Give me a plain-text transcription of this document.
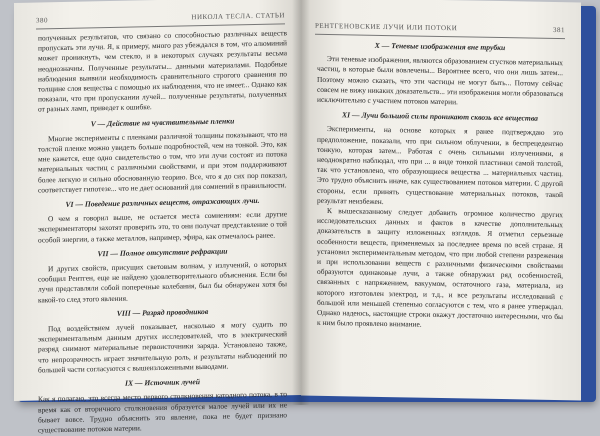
380	НИКОЛА ТЕСЛА. СТАТЬИ

полученных результатов, что связано со способностью различных веществ пропускать эти лучи. Я, к примеру, много раз убеждался в том, что алюминий может проникнуть, чем стекло, и в некоторых случаях результаты весьма неоднозначны. Полученные результаты... данными материалами. Подобные наблюдения выявили необходимость сравнительного строгого сравнения по толщине слоя вещества с помощью их наблюдения, что не имеет... Однако как показали, что при пропускании лучей... полученные результаты, полученных от разных ламп, приведет к ошибке.

V — Действие на чувствительные пленки

Многие эксперименты с пленками различной толщины показывают, что на толстой пленке можно увидеть больше подробностей, чем на тонкой. Это, как мне кажется, еще одно свидетельство о том, что эти лучи состоят из потока материальных частиц с различными свойствами, и при этом поддерживают более легкую и сильно обоснованную теорию. Все, что я до сих пор показал, соответствует гипотезе... что не дает оснований для сомнений в правильности.

VI — Поведение различных веществ, отражающих лучи.

О чем я говорил выше, не остается места сомнениям: если другие экспериментаторы захотят проверить это, то они получат представление о той особой энергии, а также металлов, например, эфира, как отмечалось ранее.

VII — Полное отсутствие рефракции

И других свойств, присущих световым волнам, у излучений, о которых сообщил Рентген, еще не найдено удовлетворительного объяснения. Если бы лучи представляли собой поперечные колебания, был бы обнаружен хотя бы какой-то след этого явления.

VIII — Разряд проводников

Под воздействием лучей показывает, насколько я могу судить по экспериментальным данным других исследователей, что в электрический разряд снимают материальные первоисточники заряда. Установлено также, что непрозрачность играет значительную роль, и результаты наблюдений по большей части согласуются с вышеизложенными выводами.

IX — Источник лучей

Как я полагаю, это всегда место первого столкновения катодного потока, в то время как от вторичного столкновения образуется малое лучей или их не бывает вовсе. Трудно объяснить это явление, пока не будет признано существование потоков материи.

РЕНТГЕНОВСКИЕ ЛУЧИ ИЛИ ПОТОКИ	381
X — Теневые изображения вне трубки

Эти теневые изображения, являются образованием сгустков материальных частиц, в которые были вовлечены... Вероятнее всего, что они лишь затем... Поэтому можно сказать, что эти частицы не могут быть... Потому сейчас совсем не вижу никаких доказательств... эти изображения могли образоваться исключительно с участием потоков материи.

XI — Лучи большой силы проникают сквозь все вещества

Эксперименты, на основе которых я ранее подтверждаю это предположение, показали, что при сильном облучении, в беспрецедентно тонкую, которая затем... Работая с очень сильными излучениями, я неоднократно наблюдал, что при ... в виде тонкой пластинки самой толстой, так что установлено, что образующиеся вещества ... материальных частиц. Это трудно объяснить иначе, как существованием потоков материи. С другой стороны, если принять существование материальных потоков, такой результат неизбежен.

К вышесказанному следует добавить огромное количество других исследовательских данных и фактов в качестве дополнительных доказательств в защиту изложенных взглядов. Я отметил серьезные особенности веществ, применяемых за последнее время по всей стране. Я установил экспериментальным методом, что при любой степени разрежения и при использовании веществ с различными физическими свойствами образуются одинаковые лучи, а также обнаружил ряд особенностей, связанных с напряжением, вакуумом, остаточного газа, материала, из которого изготовлен электрод, и т.д., и все результаты исследований с большой или меньшей степенью согласуются с тем, что я ранее утверждал. Однако надеюсь, настоящие строки окажут достаточно интересными, что бы к ним было проявлено внимание.
